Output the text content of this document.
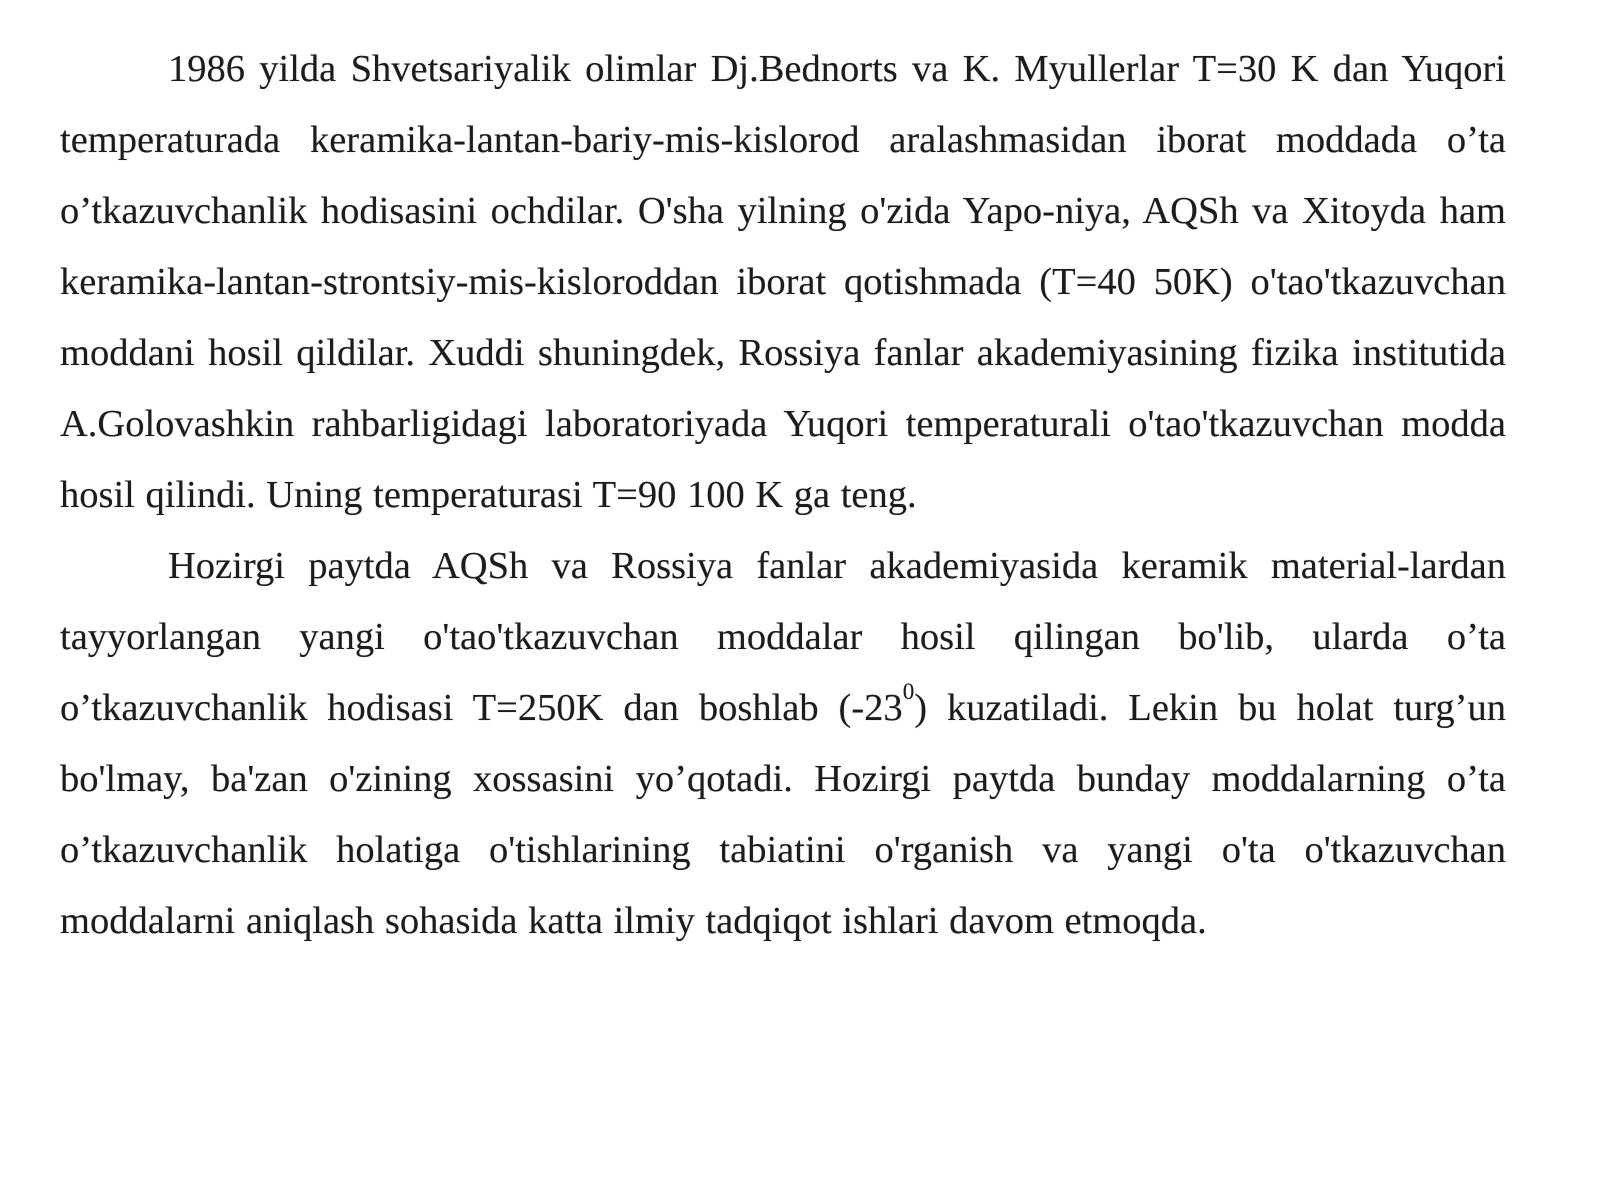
1986 yilda Shvetsariyalik olimlar Dj.Bednorts va K. Myullerlar T=30 K dan Yuqori temperaturada keramika-lantan-bariy-mis-kislorod aralashmasidan iborat moddada o’ta o’tkazuvchanlik hodisasini ochdilar. O'sha yilning o'zida Yapo-niya, AQSh va Xitoyda ham keramika-lantan-strontsiy-mis-kisloroddan iborat qotishmada (T=40 50K) o'tao'tkazuvchan moddani hosil qildilar. Xuddi shuningdek, Rossiya fanlar akademiyasining fizika institutida A.Golovashkin rahbarligidagi laboratoriyada Yuqori temperaturali o'tao'tkazuvchan modda hosil qilindi. Uning temperaturasi T=90 100 K ga teng.

Hozirgi paytda AQSh va Rossiya fanlar akademiyasida keramik material-lardan tayyorlangan yangi o'tao'tkazuvchan moddalar hosil qilingan bo'lib, ularda o’ta o’tkazuvchanlik hodisasi T=250K dan boshlab $(-23^0)$ kuzatiladi. Lekin bu holat turg’un bo'lmay, ba'zan o'zining xossasini yo’qotadi. Hozirgi paytda bunday moddalarning o’ta o’tkazuvchanlik holatiga o'tishlarining tabiatini o'rganish va yangi o'ta o'tkazuvchan moddalarni aniqlash sohasida katta ilmiy tadqiqot ishlari davom etmoqda.
